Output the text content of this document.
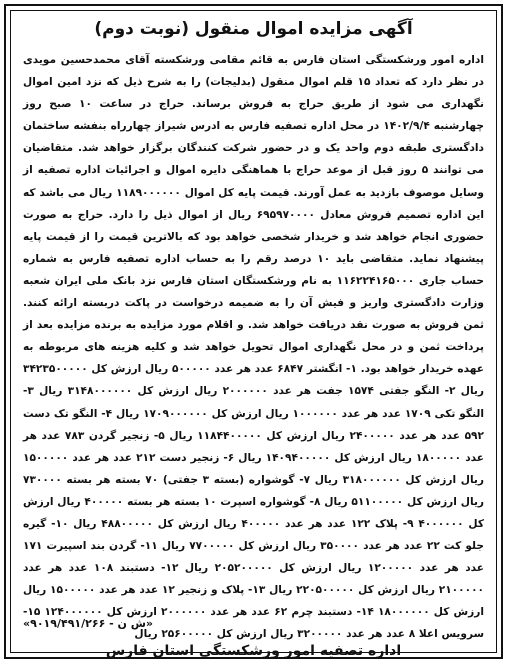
آگهی مزایده اموال منقول (نوبت دوم)
اداره امور ورشکستگی استان فارس به قائم مقامی ورشکسته آقای محمدحسین مویدی در نظر دارد که تعداد ۱۵ قلم اموال منقول (بدلیجات) را به شرح ذیل که نزد امین اموال نگهداری می شود از طریق حراج به فروش برساند. حراج در ساعت ۱۰ صبح روز چهارشنبه ۱۴۰۲/۹/۴ در محل اداره تصفیه فارس به ادرس شیراز چهارراه بنفشه ساختمان دادگستری طبقه دوم واحد یک و در حضور شرکت کنندگان برگزار خواهد شد. متقاضیان می توانند ۵ روز قبل از موعد حراج با هماهنگی دایره اموال و اجرائیات اداره تصفیه از وسایل موصوف بازدید به عمل آورند. قیمت پایه کل اموال ۱۱۸۹۰۰۰۰۰۰ ریال می باشد که این اداره تصمیم فروش معادل ۶۹۵۹۷۰۰۰۰ ریال از اموال ذیل را دارد. حراج به صورت حضوری انجام خواهد شد و خریدار شخصی خواهد بود که بالاترین قیمت را از قیمت پایه پیشنهاد نماید. متقاضی باید ۱۰ درصد رقم را به حساب اداره تصفیه فارس به شماره حساب جاری ۱۱۶۲۲۴۱۶۵۰۰۰ به نام ورشکستگان استان فارس نزد بانک ملی ایران شعبه وزارت دادگستری واریز و فیش آن را به ضمیمه درخواست در پاکت دربسته ارائه کنند. ثمن فروش به صورت نقد دریافت خواهد شد. و اقلام مورد مزایده به برنده مزایده بعد از پرداخت ثمن و در محل نگهداری اموال تحویل خواهد شد و کلیه هزینه های مربوطه به عهده خریدار خواهد بود. ۱- انگشتر ۶۸۴۷ عدد هر عدد ۵۰۰۰۰۰ ریال ارزش کل ۳۴۲۳۵۰۰۰۰۰ ریال ۲- النگو جفتی ۱۵۷۴ جفت هر عدد ۲۰۰۰۰۰۰ ریال ارزش کل ۳۱۴۸۰۰۰۰۰۰ ریال ۳- النگو تکی ۱۷۰۹ عدد هر عدد ۱۰۰۰۰۰۰ ریال ارزش کل ۱۷۰۹۰۰۰۰۰۰ ریال ۴- النگو تک دست ۵۹۲ عدد هر عدد ۲۴۰۰۰۰۰ ریال ارزش کل ۱۱۸۴۴۰۰۰۰۰ ریال ۵- زنجیر گردن ۷۸۳ عدد هر عدد ۱۸۰۰۰۰۰ ریال ارزش کل ۱۴۰۹۴۰۰۰۰۰ ریال ۶- زنجیر دست ۲۱۲ عدد هر عدد ۱۵۰۰۰۰۰ ریال ارزش کل ۳۱۸۰۰۰۰۰۰ ریال ۷- گوشواره (بسته ۳ جفتی) ۷۰ بسته هر بسته ۷۳۰۰۰۰ ریال ارزش کل ۵۱۱۰۰۰۰۰ ریال ۸- گوشواره اسپرت ۱۰ بسته هر بسته ۴۰۰۰۰۰ ریال ارزش کل ۴۰۰۰۰۰۰ ۹- پلاک ۱۲۲ عدد هر عدد ۴۰۰۰۰۰ ریال ارزش کل ۴۸۸۰۰۰۰۰ ریال ۱۰- گیره جلو کت ۲۲ عدد هر عدد ۳۵۰۰۰۰ ریال ارزش کل ۷۷۰۰۰۰۰ ریال ۱۱- گردن بند اسپیرت ۱۷۱ عدد هر عدد ۱۲۰۰۰۰۰ ریال ارزش کل ۲۰۵۲۰۰۰۰۰ ریال ۱۲- دستبند ۱۰۸ عدد هر عدد ۲۱۰۰۰۰۰ ریال ارزش کل ۲۲۰۵۰۰۰۰۰ ریال ۱۳- پلاک و زنجیر ۱۲ عدد هر عدد ۱۵۰۰۰۰۰ ریال ارزش کل ۱۸۰۰۰۰۰۰ ۱۴- دستبند چرم ۶۲ عدد هر عدد ۲۰۰۰۰۰۰ ارزش کل ۱۲۴۰۰۰۰۰۰ ۱۵- سرویس اعلا ۸ عدد هر عدد ۳۲۰۰۰۰۰ ریال ارزش کل ۲۵۶۰۰۰۰۰ ریال
«۹۰۱۹/۴۹۱/۲۶۶ - ش ن»
اداره تصفیه امور ورشکستگی استان فارس
